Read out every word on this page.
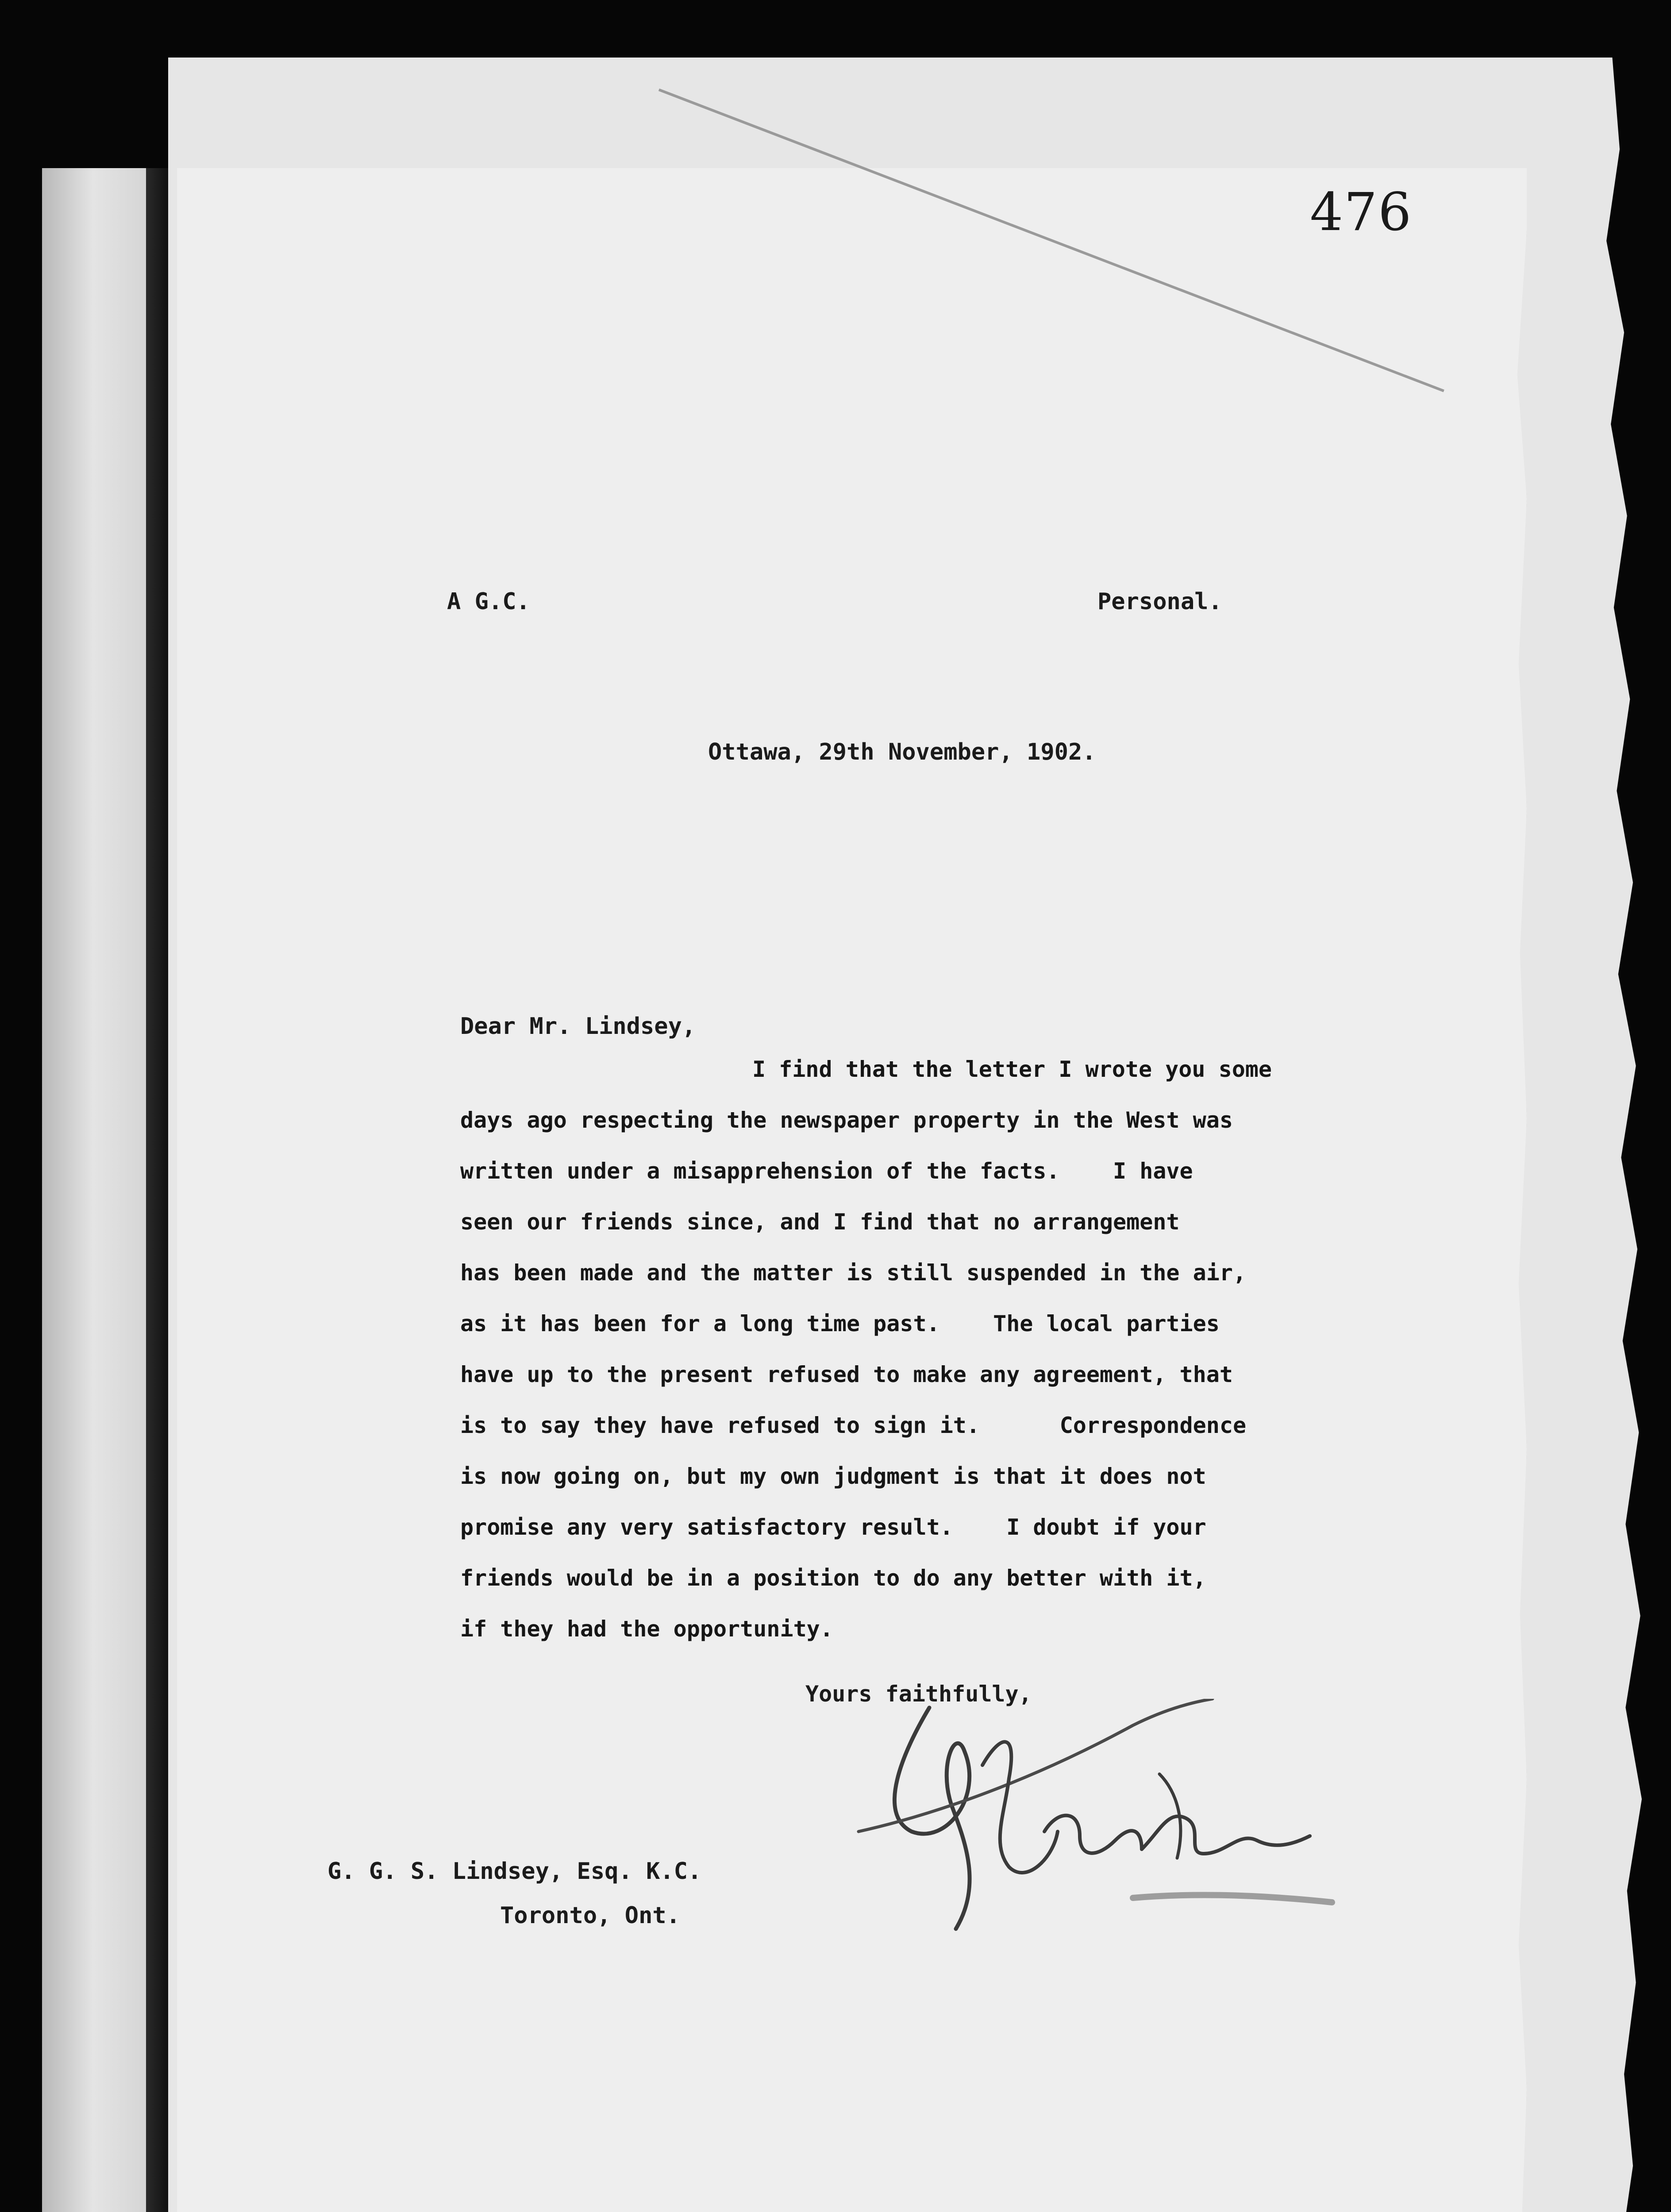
476

A G.C.	Personal.

Ottawa, 29th November, 1902.

Dear Mr. Lindsey,

I find that the letter I wrote you some
days ago respecting the newspaper property in the West was
written under a misapprehension of the facts.    I have
seen our friends since, and I find that no arrangement
has been made and the matter is still suspended in the air,
as it has been for a long time past.    The local parties
have up to the present refused to make any agreement, that
is to say they have refused to sign it.      Correspondence
is now going on, but my own judgment is that it does not
promise any very satisfactory result.    I doubt if your
friends would be in a position to do any better with it,
if they had the opportunity.

Yours faithfully,

G. G. S. Lindsey, Esq. K.C.

Toronto, Ont.
